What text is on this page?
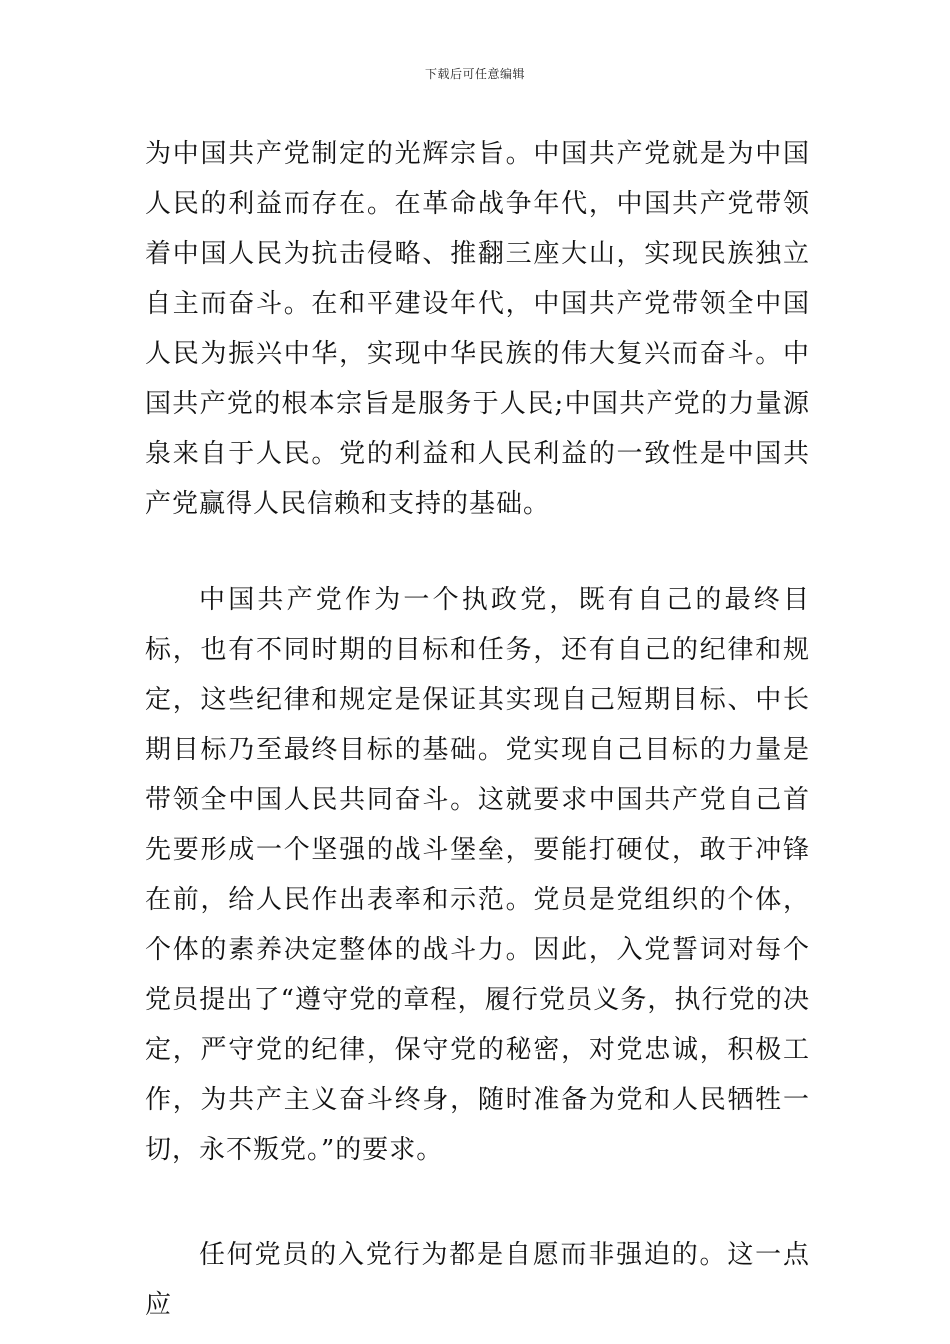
下载后可任意编辑

为中国共产党制定的光辉宗旨。中国共产党就是为中国人民的利益而存在。在革命战争年代，中国共产党带领着中国人民为抗击侵略、推翻三座大山，实现民族独立自主而奋斗。在和平建设年代，中国共产党带领全中国人民为振兴中华，实现中华民族的伟大复兴而奋斗。中国共产党的根本宗旨是服务于人民;中国共产党的力量源泉来自于人民。党的利益和人民利益的一致性是中国共产党赢得人民信赖和支持的基础。

中国共产党作为一个执政党，既有自己的最终目标，也有不同时期的目标和任务，还有自己的纪律和规定，这些纪律和规定是保证其实现自己短期目标、中长期目标乃至最终目标的基础。党实现自己目标的力量是带领全中国人民共同奋斗。这就要求中国共产党自己首先要形成一个坚强的战斗堡垒，要能打硬仗，敢于冲锋在前，给人民作出表率和示范。党员是党组织的个体，个体的素养决定整体的战斗力。因此，入党誓词对每个党员提出了“遵守党的章程，履行党员义务，执行党的决定，严守党的纪律，保守党的秘密，对党忠诚，积极工作，为共产主义奋斗终身，随时准备为党和人民牺牲一切，永不叛党。”的要求。

任何党员的入党行为都是自愿而非强迫的。这一点应
